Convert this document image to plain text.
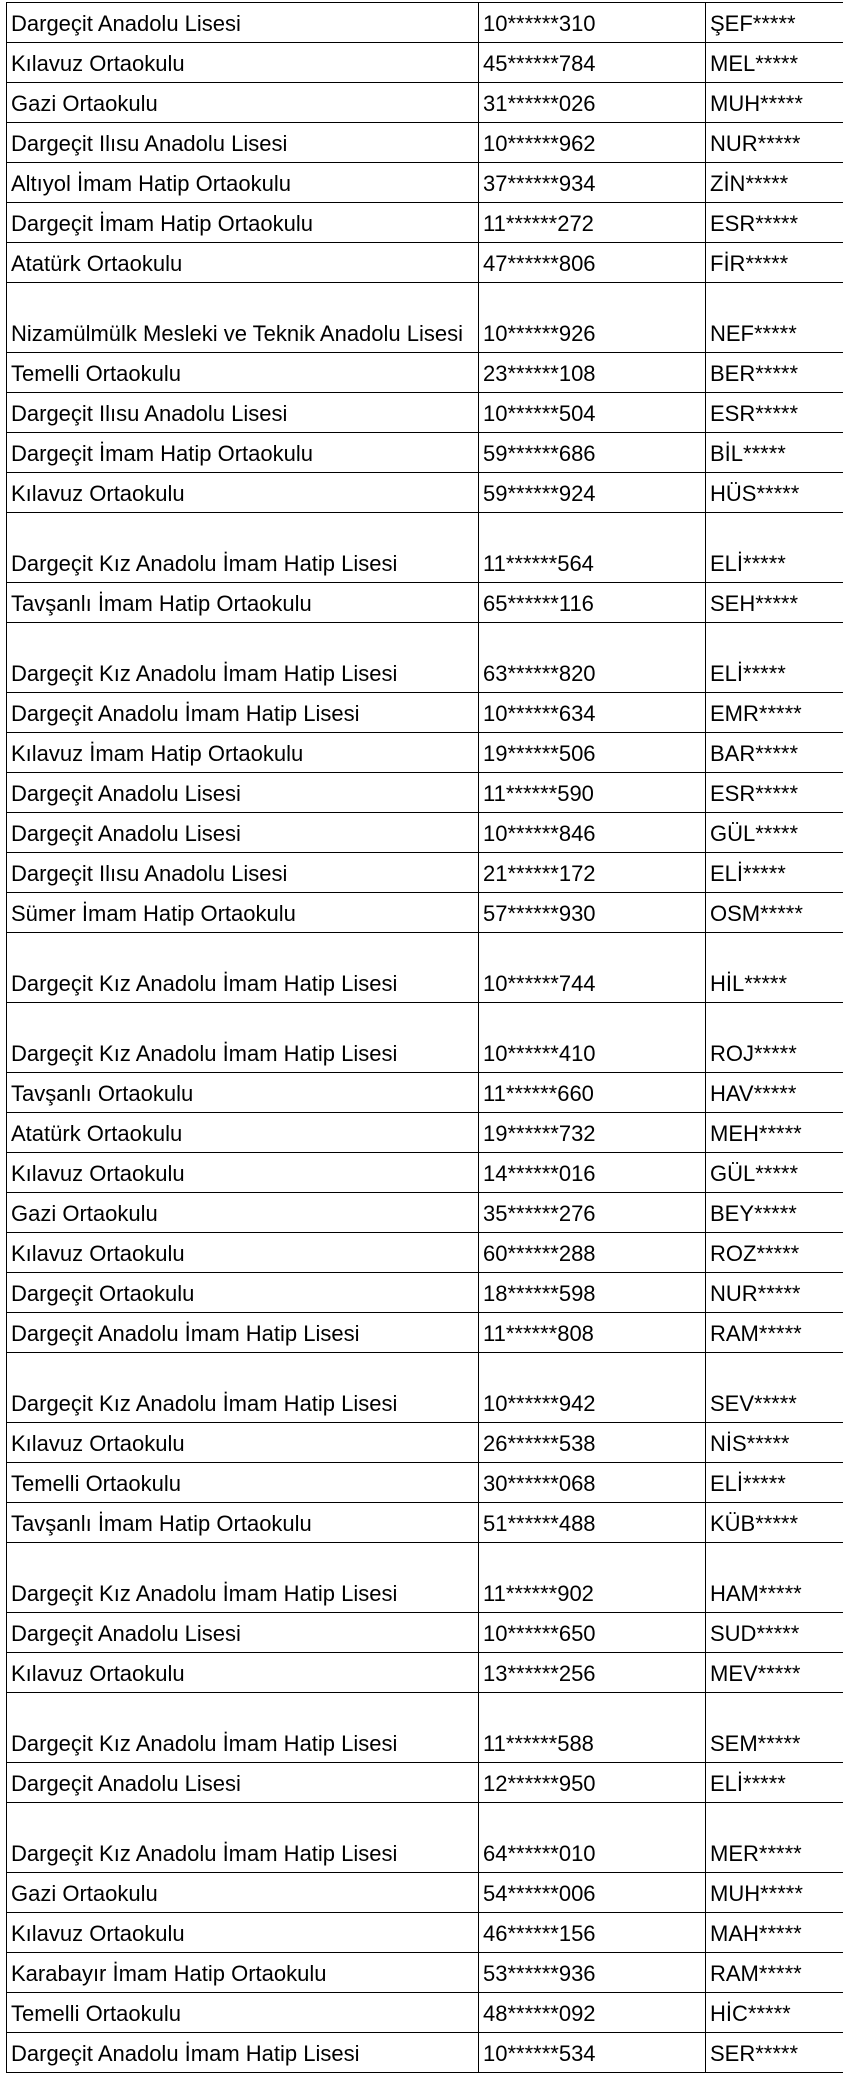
Dargeçit Anadolu Lisesi	10******310	ŞEF*****
Kılavuz Ortaokulu	45******784	MEL*****
Gazi Ortaokulu	31******026	MUH*****
Dargeçit Ilısu Anadolu Lisesi	10******962	NUR*****
Altıyol İmam Hatip Ortaokulu	37******934	ZİN*****
Dargeçit İmam Hatip Ortaokulu	11******272	ESR*****
Atatürk Ortaokulu	47******806	FİR*****
Nizamülmülk Mesleki ve Teknik Anadolu Lisesi	10******926	NEF*****
Temelli Ortaokulu	23******108	BER*****
Dargeçit Ilısu Anadolu Lisesi	10******504	ESR*****
Dargeçit İmam Hatip Ortaokulu	59******686	BİL*****
Kılavuz Ortaokulu	59******924	HÜS*****
Dargeçit Kız Anadolu İmam Hatip Lisesi	11******564	ELİ*****
Tavşanlı İmam Hatip Ortaokulu	65******116	SEH*****
Dargeçit Kız Anadolu İmam Hatip Lisesi	63******820	ELİ*****
Dargeçit Anadolu İmam Hatip Lisesi	10******634	EMR*****
Kılavuz İmam Hatip Ortaokulu	19******506	BAR*****
Dargeçit Anadolu Lisesi	11******590	ESR*****
Dargeçit Anadolu Lisesi	10******846	GÜL*****
Dargeçit Ilısu Anadolu Lisesi	21******172	ELİ*****
Sümer İmam Hatip Ortaokulu	57******930	OSM*****
Dargeçit Kız Anadolu İmam Hatip Lisesi	10******744	HİL*****
Dargeçit Kız Anadolu İmam Hatip Lisesi	10******410	ROJ*****
Tavşanlı Ortaokulu	11******660	HAV*****
Atatürk Ortaokulu	19******732	MEH*****
Kılavuz Ortaokulu	14******016	GÜL*****
Gazi Ortaokulu	35******276	BEY*****
Kılavuz Ortaokulu	60******288	ROZ*****
Dargeçit Ortaokulu	18******598	NUR*****
Dargeçit Anadolu İmam Hatip Lisesi	11******808	RAM*****
Dargeçit Kız Anadolu İmam Hatip Lisesi	10******942	SEV*****
Kılavuz Ortaokulu	26******538	NİS*****
Temelli Ortaokulu	30******068	ELİ*****
Tavşanlı İmam Hatip Ortaokulu	51******488	KÜB*****
Dargeçit Kız Anadolu İmam Hatip Lisesi	11******902	HAM*****
Dargeçit Anadolu Lisesi	10******650	SUD*****
Kılavuz Ortaokulu	13******256	MEV*****
Dargeçit Kız Anadolu İmam Hatip Lisesi	11******588	SEM*****
Dargeçit Anadolu Lisesi	12******950	ELİ*****
Dargeçit Kız Anadolu İmam Hatip Lisesi	64******010	MER*****
Gazi Ortaokulu	54******006	MUH*****
Kılavuz Ortaokulu	46******156	MAH*****
Karabayır İmam Hatip Ortaokulu	53******936	RAM*****
Temelli Ortaokulu	48******092	HİC*****
Dargeçit Anadolu İmam Hatip Lisesi	10******534	SER*****
